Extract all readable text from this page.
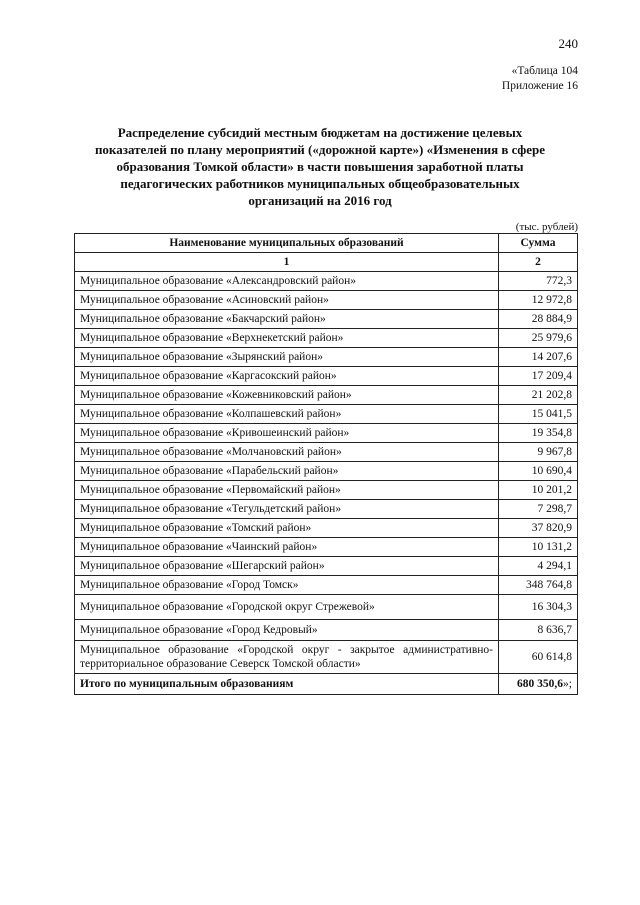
240
«Таблица 104
Приложение 16
Распределение субсидий местным бюджетам на достижение целевых показателей по плану мероприятий («дорожной карте») «Изменения в сфере образования Томкой области» в части повышения заработной платы педагогических работников муниципальных общеобразовательных организаций на 2016 год
(тыс. рублей)
Наименование муниципальных образований	Сумма
1	2
Муниципальное образование «Александровский район»	772,3
Муниципальное образование «Асиновский район»	12 972,8
Муниципальное образование «Бакчарский район»	28 884,9
Муниципальное образование «Верхнекетский район»	25 979,6
Муниципальное образование «Зырянский район»	14 207,6
Муниципальное образование «Каргасокский район»	17 209,4
Муниципальное образование «Кожевниковский район»	21 202,8
Муниципальное образование «Колпашевский район»	15 041,5
Муниципальное образование «Кривошеинский район»	19 354,8
Муниципальное образование «Молчановский район»	9 967,8
Муниципальное образование «Парабельский район»	10 690,4
Муниципальное образование «Первомайский район»	10 201,2
Муниципальное образование «Тегульдетский район»	7 298,7
Муниципальное образование «Томский район»	37 820,9
Муниципальное образование «Чаинский район»	10 131,2
Муниципальное образование «Шегарский район»	4 294,1
Муниципальное образование «Город Томск»	348 764,8
Муниципальное образование «Городской округ Стрежевой»	16 304,3
Муниципальное образование «Город Кедровый»	8 636,7
Муниципальное образование «Городской округ - закрытое административно-территориальное образование Северск Томской области»	60 614,8
Итого по муниципальным образованиям	680 350,6»;
